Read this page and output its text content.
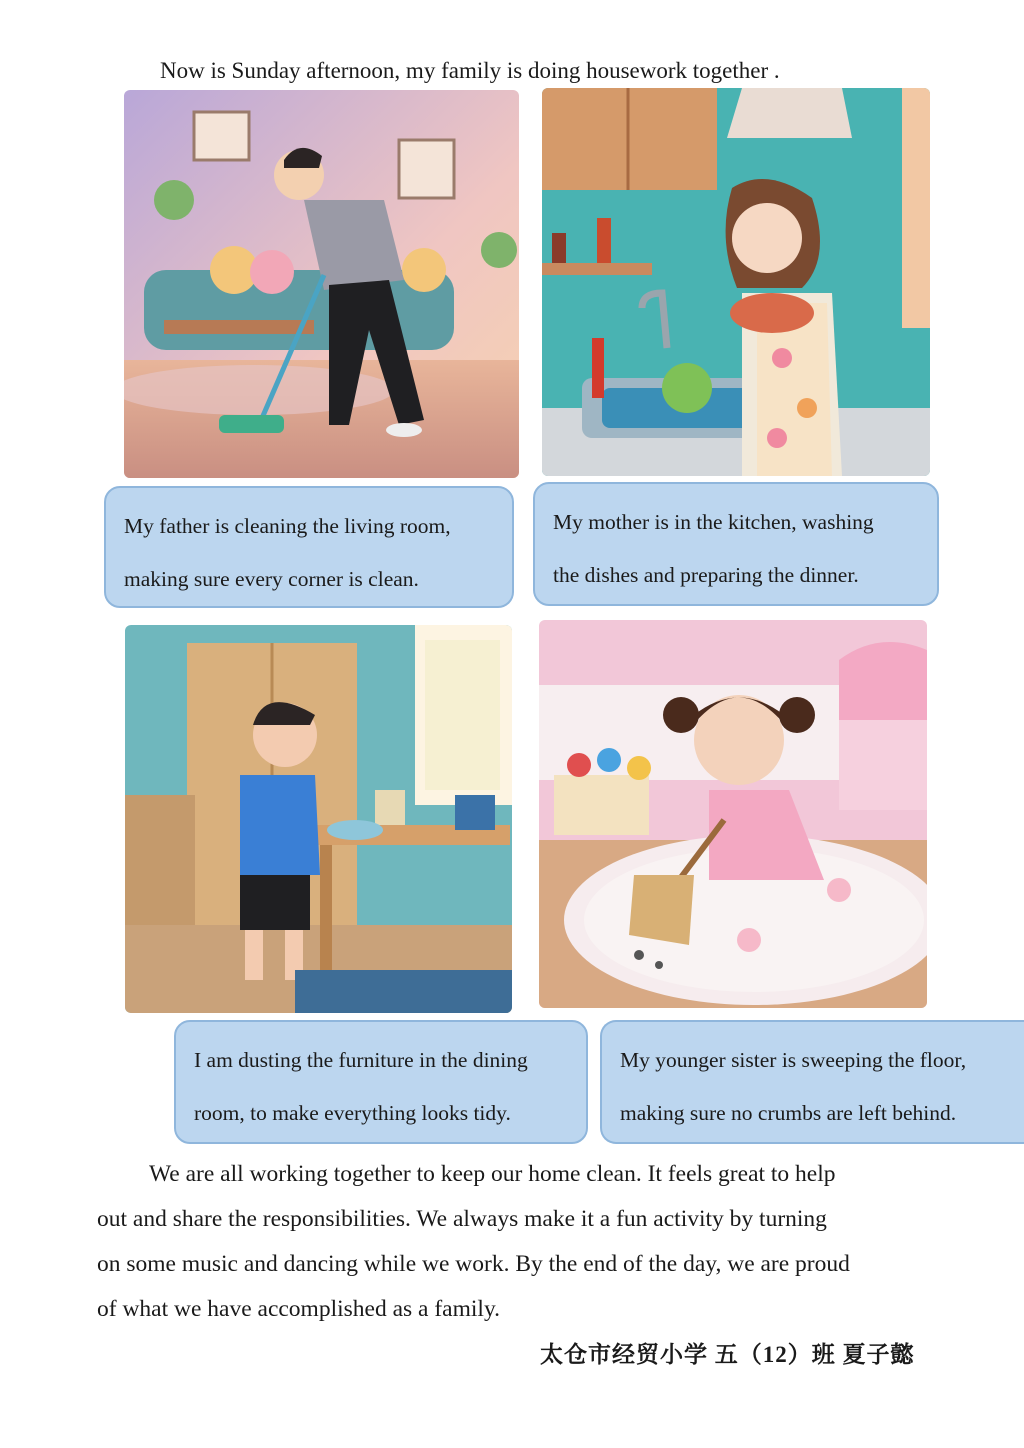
Now is Sunday afternoon, my family is doing housework together .
My father is cleaning the living room,
making sure every corner is clean.
My mother is in the kitchen, washing
the dishes and preparing the dinner.
I am dusting the furniture in the dining
room, to make everything looks tidy.
My younger sister is sweeping the floor,
making sure no crumbs are left behind.
We are all working together to keep our home clean. It feels great to help
out and share the responsibilities. We always make it a fun activity by turning
on some music and dancing while we work. By the end of the day, we are proud
of what we have accomplished as a family.
太仓市经贸小学 五（12）班 夏子懿
